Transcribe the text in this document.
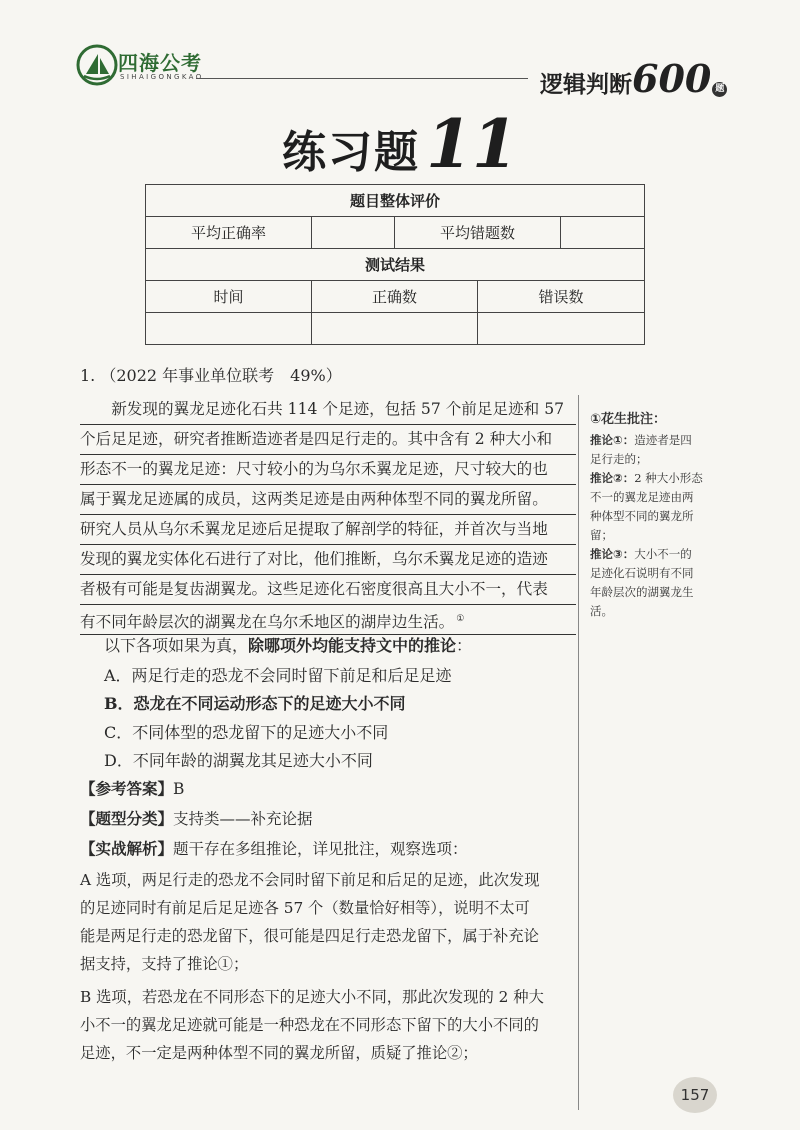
四海公考
SIHAIGONGKAO	逻辑判断600 题
练习题11
题目整体评价				
平均正确率		平均错题数		
测试结果				
时间	正确数		错误数	

1. （2022 年事业单位联考　49%）
　　新发现的翼龙足迹化石共 114 个足迹，包括 57 个前足足迹和 57
个后足足迹，研究者推断造迹者是四足行走的。其中含有 2 种大小和
形态不一的翼龙足迹：尺寸较小的为乌尔禾翼龙足迹，尺寸较大的也
属于翼龙足迹属的成员，这两类足迹是由两种体型不同的翼龙所留。
研究人员从乌尔禾翼龙足迹后足提取了解剖学的特征，并首次与当地
发现的翼龙实体化石进行了对比，他们推断，乌尔禾翼龙足迹的造迹
者极有可能是复齿湖翼龙。这些足迹化石密度很高且大小不一，代表
有不同年龄层次的湖翼龙在乌尔禾地区的湖岸边生活。 ①
以下各项如果为真，除哪项外均能支持文中的推论：
A．两足行走的恐龙不会同时留下前足和后足足迹
B．恐龙在不同运动形态下的足迹大小不同
C．不同体型的恐龙留下的足迹大小不同
D．不同年龄的湖翼龙其足迹大小不同
【参考答案】B
【题型分类】支持类——补充论据
【实战解析】题干存在多组推论，详见批注，观察选项：
A 选项，两足行走的恐龙不会同时留下前足和后足的足迹，此次发现
的足迹同时有前足后足足迹各 57 个（数量恰好相等），说明不太可
能是两足行走的恐龙留下，很可能是四足行走恐龙留下，属于补充论
据支持，支持了推论①；
B 选项，若恐龙在不同形态下的足迹大小不同，那此次发现的 2 种大
小不一的翼龙足迹就可能是一种恐龙在不同形态下留下的大小不同的
足迹，不一定是两种体型不同的翼龙所留，质疑了推论②；
①花生批注：
推论①：造迹者是四
足行走的；
推论②：2 种大小形态
不一的翼龙足迹由两
种体型不同的翼龙所
留；
推论③：大小不一的
足迹化石说明有不同
年龄层次的湖翼龙生
活。
157
